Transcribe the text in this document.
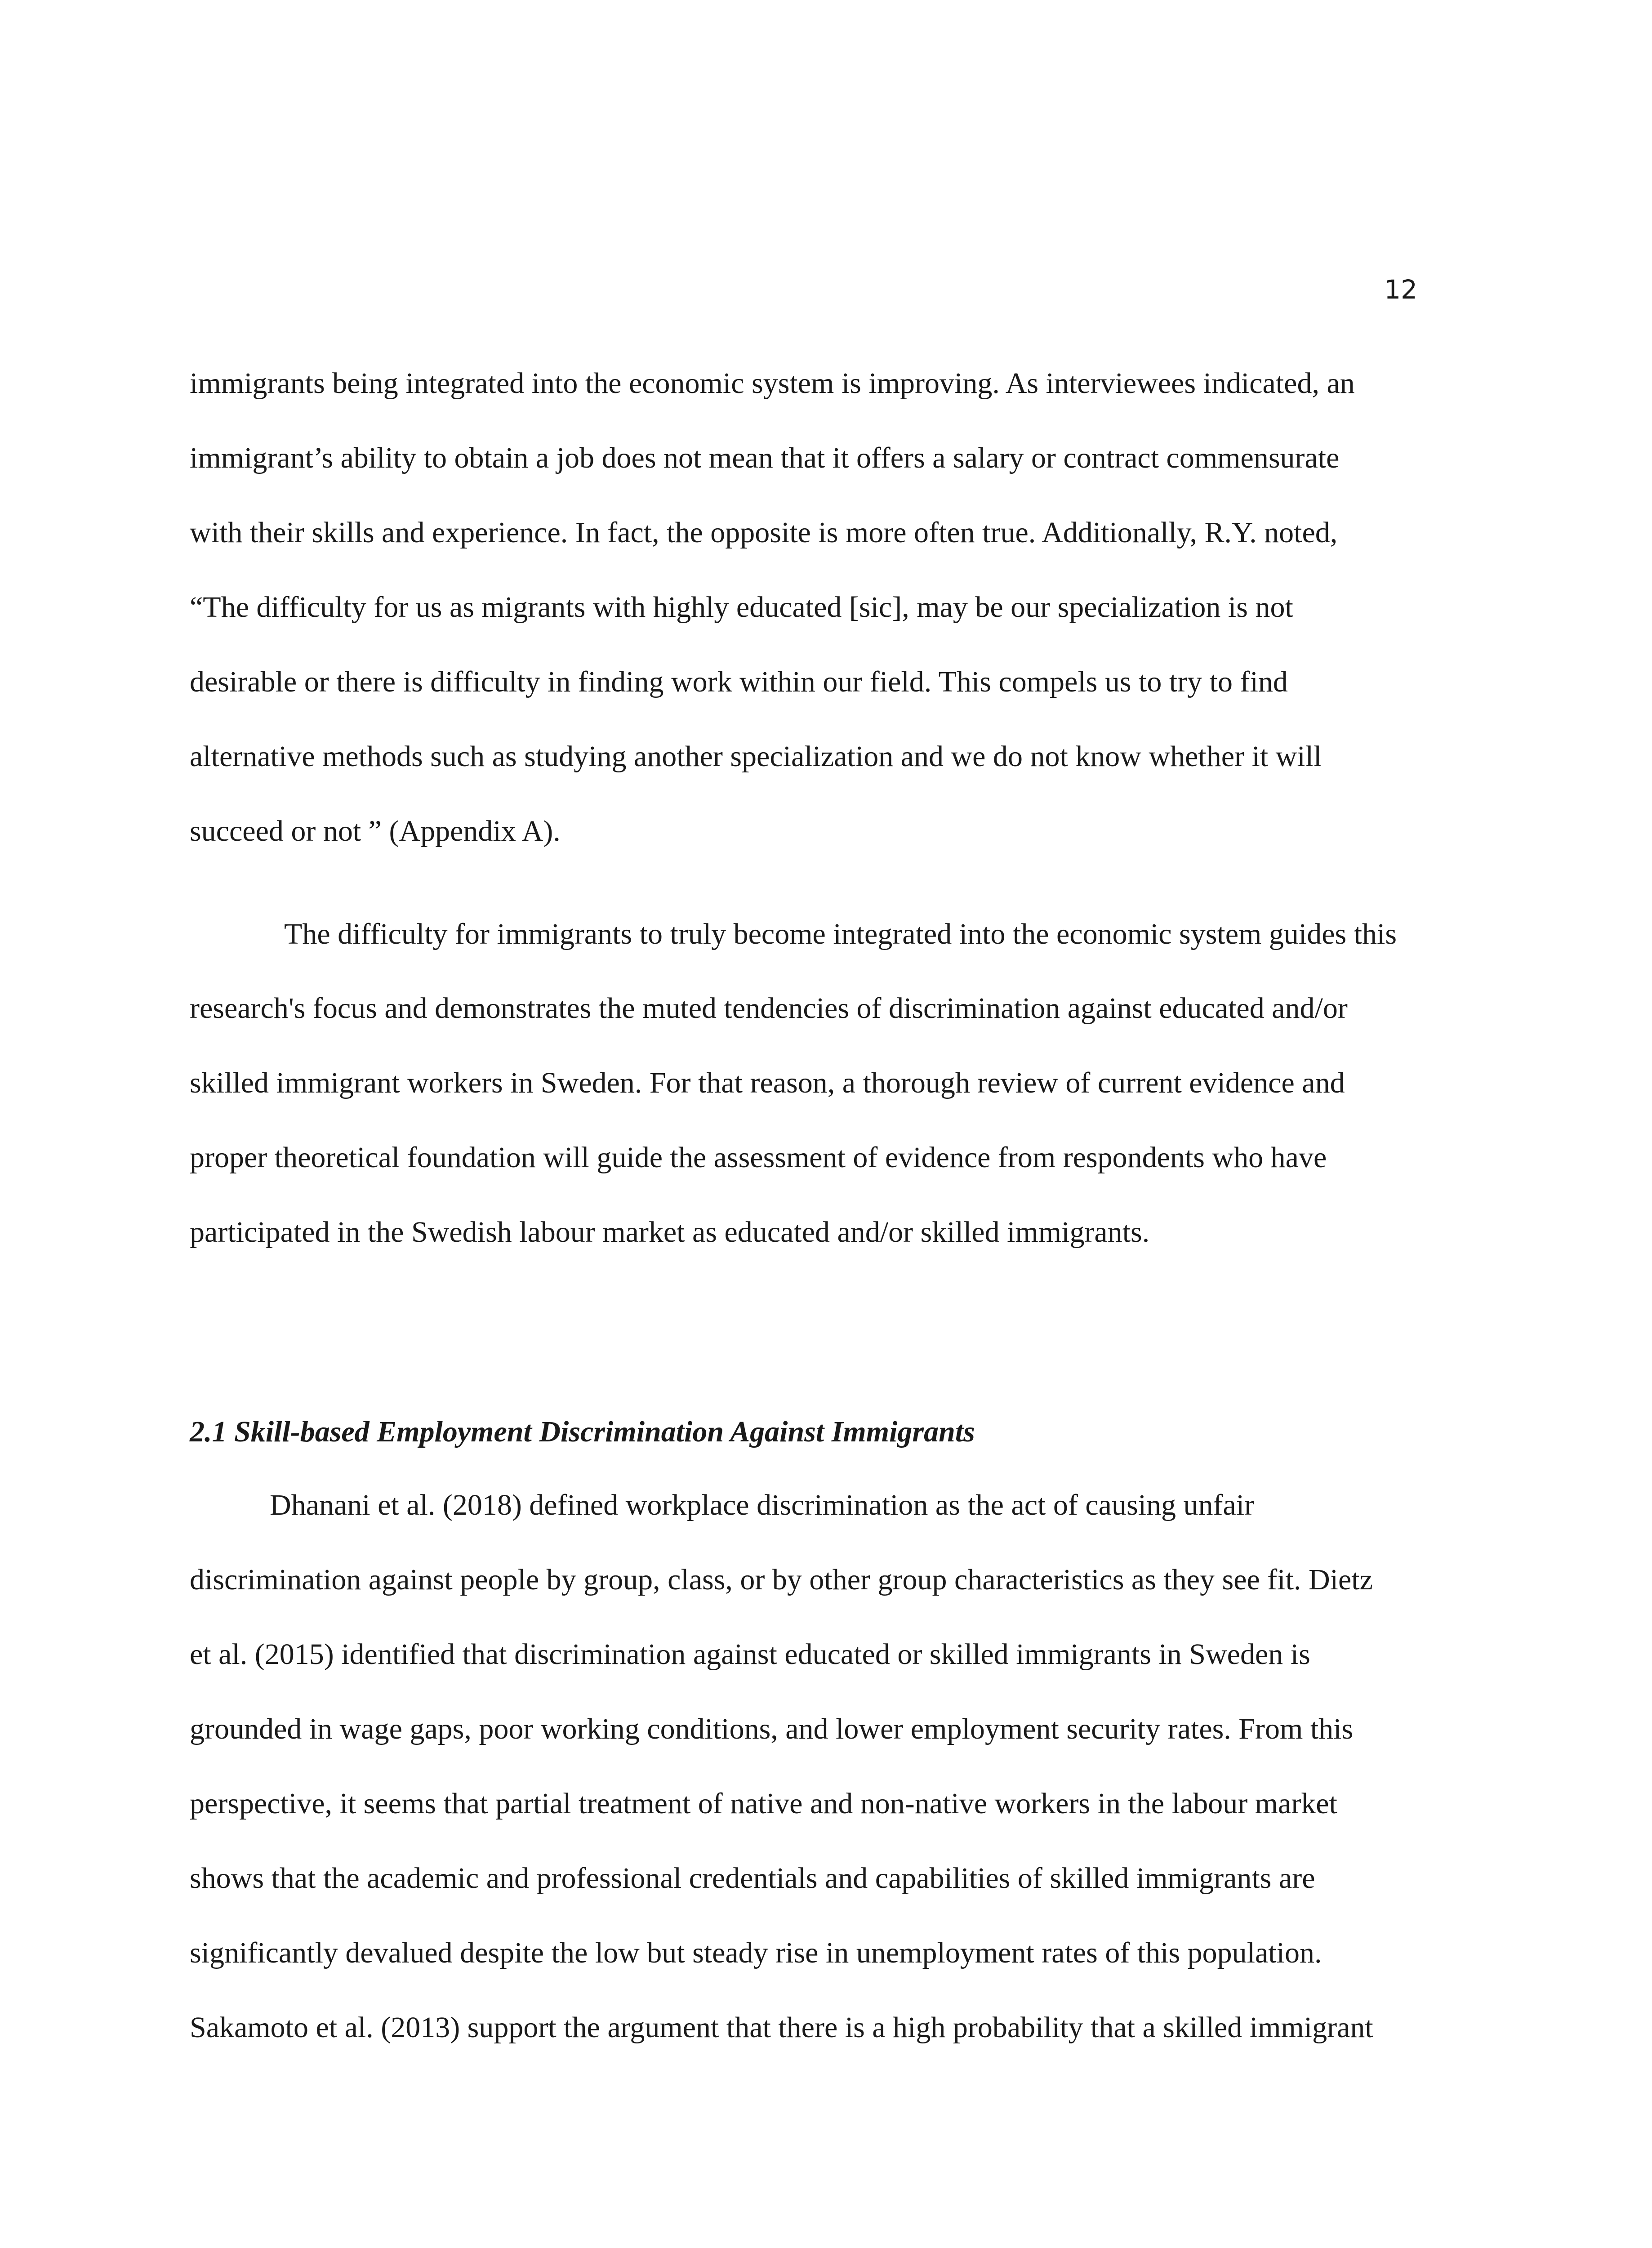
12
immigrants being integrated into the economic system is improving. As interviewees indicated, an
immigrant’s ability to obtain a job does not mean that it offers a salary or contract commensurate
with their skills and experience. In fact, the opposite is more often true. Additionally, R.Y. noted,
“The difficulty for us as migrants with highly educated [sic], may be our specialization is not
desirable or there is difficulty in finding work within our field. This compels us to try to find
alternative methods such as studying another specialization and we do not know whether it will
succeed or not ” (Appendix A).
The difficulty for immigrants to truly become integrated into the economic system guides this
research's focus and demonstrates the muted tendencies of discrimination against educated and/or
skilled immigrant workers in Sweden. For that reason, a thorough review of current evidence and
proper theoretical foundation will guide the assessment of evidence from respondents who have
participated in the Swedish labour market as educated and/or skilled immigrants.
2.1 Skill-based Employment Discrimination Against Immigrants
Dhanani et al. (2018) defined workplace discrimination as the act of causing unfair
discrimination against people by group, class, or by other group characteristics as they see fit. Dietz
et al. (2015) identified that discrimination against educated or skilled immigrants in Sweden is
grounded in wage gaps, poor working conditions, and lower employment security rates. From this
perspective, it seems that partial treatment of native and non-native workers in the labour market
shows that the academic and professional credentials and capabilities of skilled immigrants are
significantly devalued despite the low but steady rise in unemployment rates of this population.
Sakamoto et al. (2013) support the argument that there is a high probability that a skilled immigrant
